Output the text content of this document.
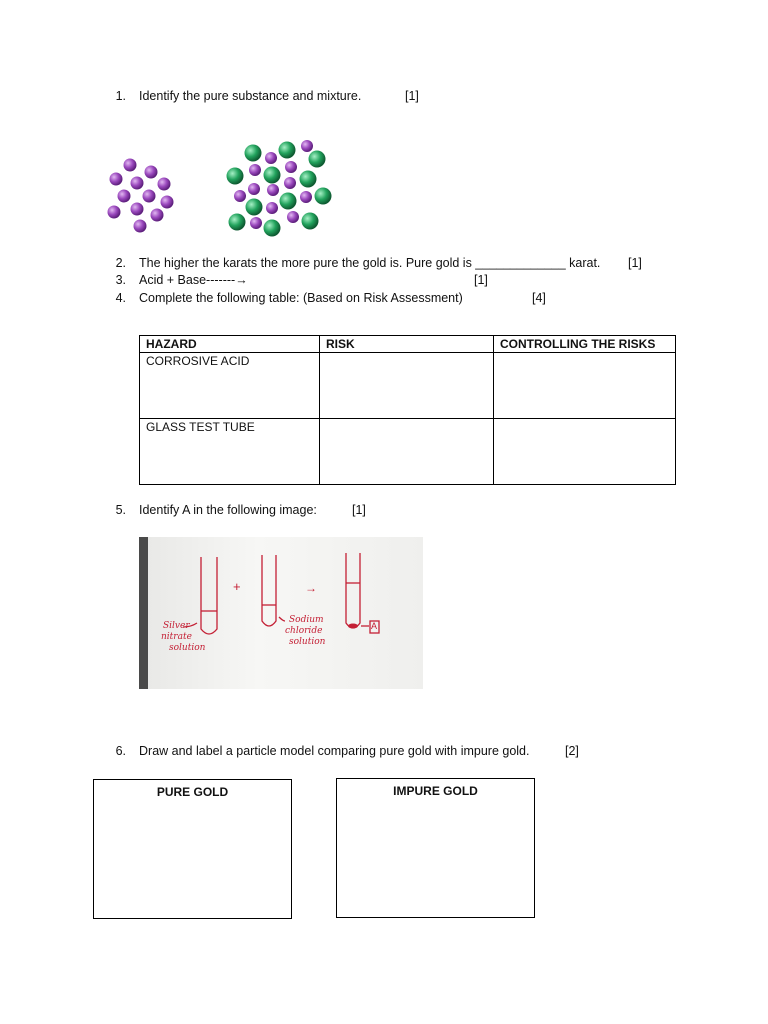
1. Identify the pure substance and mixture.	[1]
2. The higher the karats the more pure the gold is. Pure gold is _____________ karat. [1]
3. Acid + Base-------→	[1]
4. Complete the following table: (Based on Risk Assessment)	[4]
HAZARD	RISK	CONTROLLING THE RISKS
CORROSIVE ACID		
GLASS TEST TUBE		
5. Identify A in the following image:	[1]
+	→
A
Silver
nitrate
solution
Sodium
chloride
solution
6. Draw and label a particle model comparing pure gold with impure gold.	[2]
PURE GOLD	IMPURE GOLD
